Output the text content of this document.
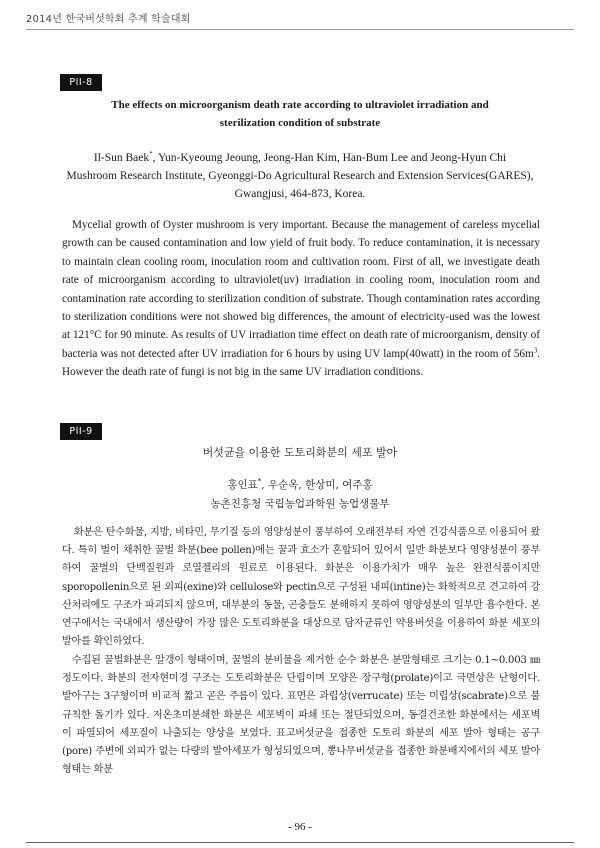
2014년 한국버섯학회 추계 학술대회
PII-8
The effects on microorganism death rate according to ultraviolet irradiation and
sterilization condition of substrate
Il-Sun Baek*, Yun-Kyeoung Jeoung, Jeong-Han Kim, Han-Bum Lee and Jeong-Hyun Chi
Mushroom Research Institute, Gyeonggi-Do Agricultural Research and Extension Services(GARES),
Gwangjusi, 464-873, Korea.

Mycelial growth of Oyster mushroom is very important. Because the management of careless mycelial growth can be caused contamination and low yield of fruit body. To reduce contamination, it is necessary to maintain clean cooling room, inoculation room and cultivation room. First of all, we investigate death rate of microorganism according to ultraviolet(uv) irradiation in cooling room, inoculation room and contamination rate according to sterilization condition of substrate. Though contamination rates according to sterilization conditions were not showed big differences, the amount of electricity-used was the lowest at 121°C for 90 minute. As results of UV irradiation time effect on death rate of microorganism, density of bacteria was not detected after UV irradiation for 6 hours by using UV lamp(40watt) in the room of $56m^3$. However the death rate of fungi is not big in the same UV irradiation conditions.

PII-9
버섯균을 이용한 도토리화분의 세포 발아
홍인표*, 우순옥, 한상미, 여주홍
농촌진흥청 국립농업과학원 농업생물부

화분은 탄수화물, 지방, 비타민, 무기질 등의 영양성분이 풍부하여 오래전부터 자연 건강식품으로 이용되어 왔다. 특히 벌이 채취한 꿀벌 화분(bee pollen)에는 꿀과 효소가 혼합되어 있어서 일반 화분보다 영양성분이 풍부하여 꿀벌의 단백질원과 로열젤리의 원료로 이용된다. 화분은 이용가치가 매우 높은 완전식품이지만 sporopollenin으로 된 외피(exine)와 cellulose와 pectin으로 구성된 내피(intine)는 화학적으로 견고하여 강산처리에도 구조가 파괴되지 않으며, 대부분의 동물, 곤충들도 분해하지 못하여 영양성분의 일부만 흡수한다. 본 연구에서는 국내에서 생산량이 가장 많은 도토리화분을 대상으로 담자균류인 약용버섯을 이용하여 화분 세포의 발아를 확인하였다.

수집된 꿀벌화분은 알갱이 형태이며, 꿀벌의 분비물을 제거한 순수 화분은 분말형태로 크기는 0.1~0.003 ㎜ 정도이다. 화분의 전자현미경 구조는 도토리화분은 단립이며 모양은 장구형(prolate)이고 극면상은 난형이다. 발아구는 3구형이며 비교적 짧고 곧은 주름이 있다. 표면은 과립상(verrucate) 또는 미립상(scabrate)으로 불규칙한 돌기가 있다. 저온초미분쇄한 화분은 세포벽이 파쇄 또는 절단되었으며, 동결건조한 화분에서는 세포벽이 파열되어 세포질이 나출되는 양상을 보였다. 표고버섯균을 접종한 도토리 화분의 세포 발아 형태는 공구(pore) 주변에 외피가 없는 다량의 발아세포가 형성되었으며, 뽕나무버섯균을 접종한 화분배지에서의 세포 발아 형태는 화분

- 96 -
